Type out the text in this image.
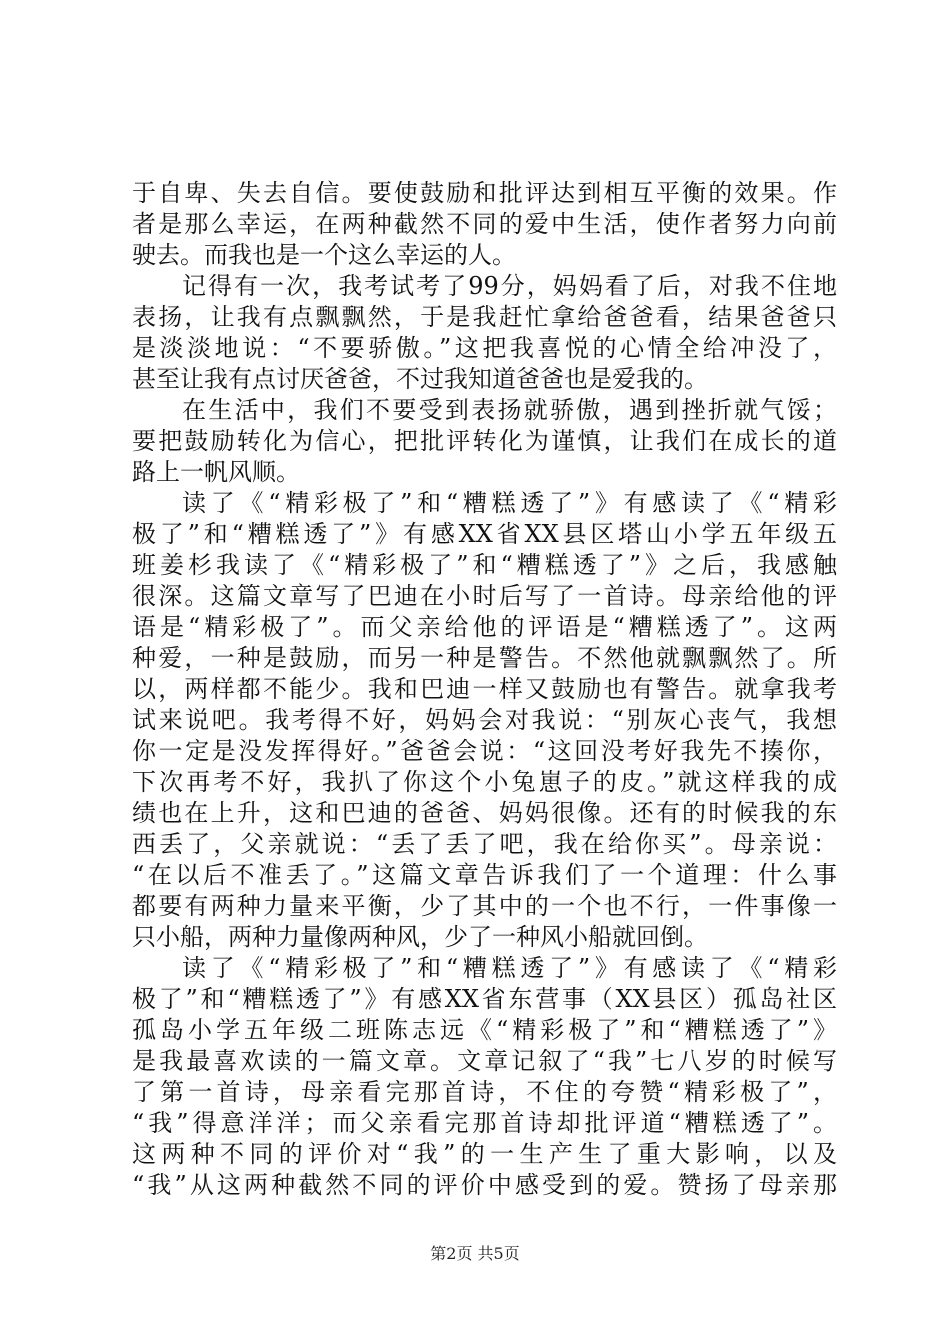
于自卑、失去自信。要使鼓励和批评达到相互平衡的效果。作
者是那么幸运，在两种截然不同的爱中生活，使作者努力向前
驶去。而我也是一个这么幸运的人。
记得有一次，我考试考了99分，妈妈看了后，对我不住地
表扬，让我有点飘飘然，于是我赶忙拿给爸爸看，结果爸爸只
是淡淡地说：“不要骄傲。”这把我喜悦的心情全给冲没了，
甚至让我有点讨厌爸爸，不过我知道爸爸也是爱我的。
在生活中，我们不要受到表扬就骄傲，遇到挫折就气馁；
要把鼓励转化为信心，把批评转化为谨慎，让我们在成长的道
路上一帆风顺。
读了《“精彩极了”和“糟糕透了”》有感读了《“精彩
极了”和“糟糕透了”》有感XX省XX县区塔山小学五年级五
班姜杉我读了《“精彩极了”和“糟糕透了”》之后，我感触
很深。这篇文章写了巴迪在小时后写了一首诗。母亲给他的评
语是“精彩极了”。而父亲给他的评语是“糟糕透了”。这两
种爱，一种是鼓励，而另一种是警告。不然他就飘飘然了。所
以，两样都不能少。我和巴迪一样又鼓励也有警告。就拿我考
试来说吧。我考得不好，妈妈会对我说：“别灰心丧气，我想
你一定是没发挥得好。”爸爸会说：“这回没考好我先不揍你，
下次再考不好，我扒了你这个小兔崽子的皮。”就这样我的成
绩也在上升，这和巴迪的爸爸、妈妈很像。还有的时候我的东
西丢了，父亲就说：“丢了丢了吧，我在给你买”。母亲说：
“在以后不准丢了。”这篇文章告诉我们了一个道理：什么事
都要有两种力量来平衡，少了其中的一个也不行，一件事像一
只小船，两种力量像两种风，少了一种风小船就回倒。
读了《“精彩极了”和“糟糕透了”》有感读了《“精彩
极了”和“糟糕透了”》有感XX省东营事（XX县区）孤岛社区
孤岛小学五年级二班陈志远《“精彩极了”和“糟糕透了”》
是我最喜欢读的一篇文章。文章记叙了“我”七八岁的时候写
了第一首诗，母亲看完那首诗，不住的夸赞“精彩极了”，
“我”得意洋洋；而父亲看完那首诗却批评道“糟糕透了”。
这两种不同的评价对“我”的一生产生了重大影响，以及
“我”从这两种截然不同的评价中感受到的爱。赞扬了母亲那
第2页 共5页
